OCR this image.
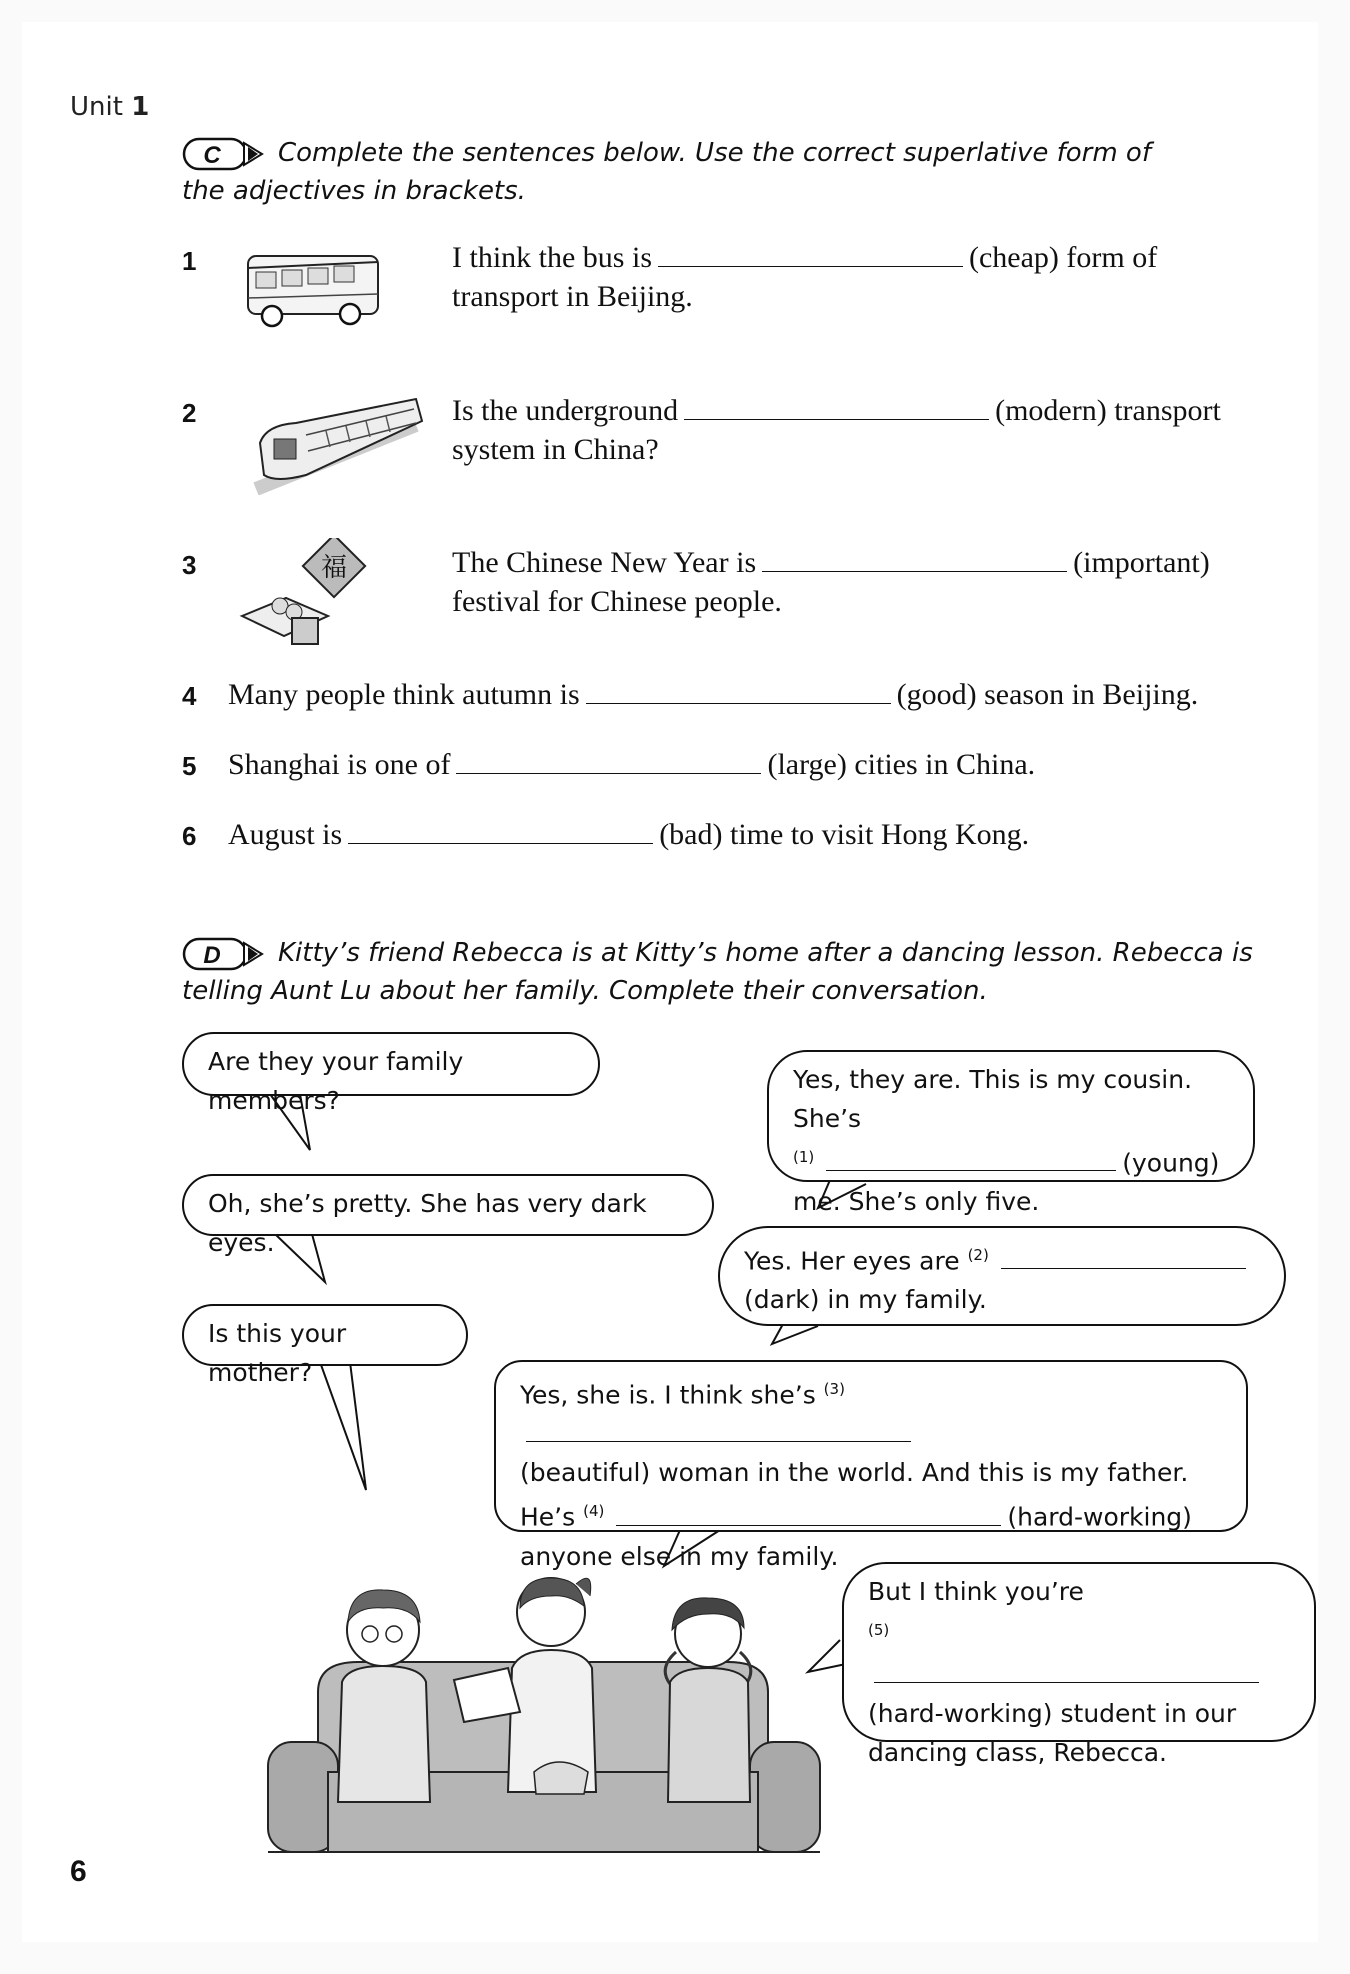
Unit 1
C Complete the sentences below. Use the correct superlative form of the adjectives in brackets.
1	I think the bus is	(cheap) form of
transport in Beijing.
2	Is the underground	(modern) transport
system in China?
3	福	The Chinese New Year is	(important)
festival for Chinese people.
4 Many people think autumn is	(good) season in Beijing.
5 Shanghai is one of	(large) cities in China.
6 August is	(bad) time to visit Hong Kong.
D Kitty’s friend Rebecca is at Kitty’s home after a dancing lesson. Rebecca is
telling Aunt Lu about her family. Complete their conversation.
Are they your family members?
Yes, they are. This is my cousin. She’s
$^{(1)}$	(young)
me. She’s only five.
Oh, she’s pretty. She has very dark eyes.
Yes. Her eyes are $^{(2)}$
(dark) in my family.
Is this your mother?
Yes, she is. I think she’s $^{(3)}$
(beautiful) woman in the world. And this is my father.
He’s $^{(4)}$	(hard-working)
anyone else in my family.
But I think you’re
$^{(5)}$
(hard-working) student in our
dancing class, Rebecca.
6
